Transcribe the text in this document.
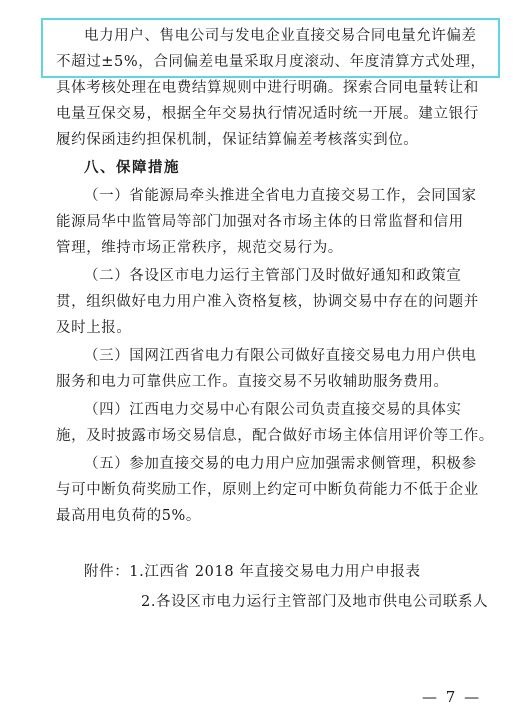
电力用户、售电公司与发电企业直接交易合同电量允许偏差
不超过±5%，合同偏差电量采取月度滚动、年度清算方式处理，
具体考核处理在电费结算规则中进行明确。探索合同电量转让和
电量互保交易，根据全年交易执行情况适时统一开展。建立银行
履约保函违约担保机制，保证结算偏差考核落实到位。
八、保障措施
（一）省能源局牵头推进全省电力直接交易工作，会同国家
能源局华中监管局等部门加强对各市场主体的日常监督和信用
管理，维持市场正常秩序，规范交易行为。
（二）各设区市电力运行主管部门及时做好通知和政策宣
贯，组织做好电力用户准入资格复核，协调交易中存在的问题并
及时上报。
（三）国网江西省电力有限公司做好直接交易电力用户供电
服务和电力可靠供应工作。直接交易不另收辅助服务费用。
（四）江西电力交易中心有限公司负责直接交易的具体实
施，及时披露市场交易信息，配合做好市场主体信用评价等工作。
（五）参加直接交易的电力用户应加强需求侧管理，积极参
与可中断负荷奖励工作，原则上约定可中断负荷能力不低于企业
最高用电负荷的5%。
附件：1.江西省 2018 年直接交易电力用户申报表
2.各设区市电力运行主管部门及地市供电公司联系人
— 7 —
